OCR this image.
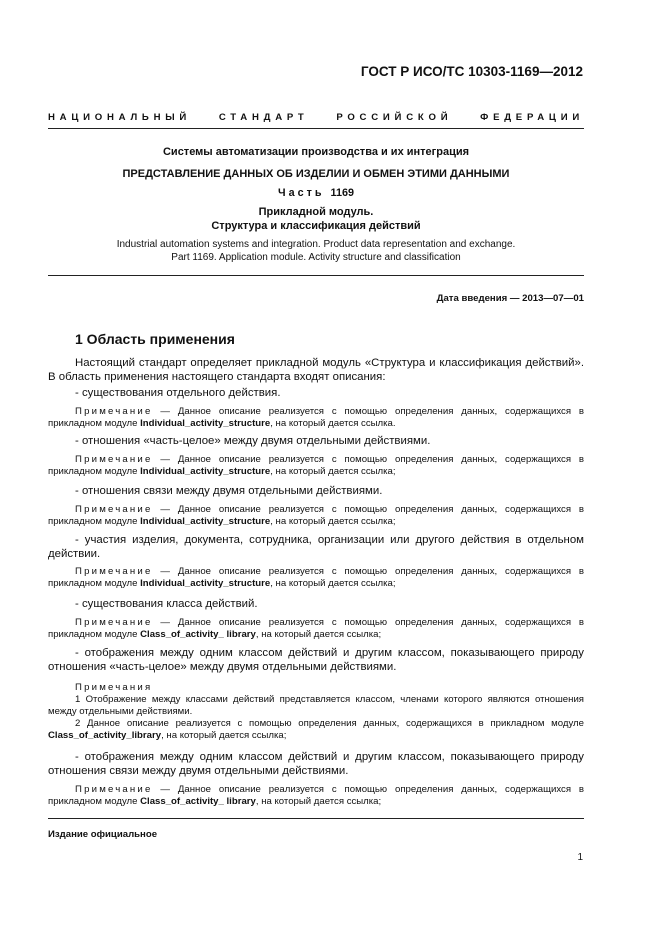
ГОСТ Р ИСО/ТС 10303-1169—2012
НАЦИОНАЛЬНЫЙ СТАНДАРТ РОССИЙСКОЙ ФЕДЕРАЦИИ
Системы автоматизации производства и их интеграция
ПРЕДСТАВЛЕНИЕ ДАННЫХ ОБ ИЗДЕЛИИ И ОБМЕН ЭТИМИ ДАННЫМИ
Часть 1169
Прикладной модуль.
Структура и классификация действий
Industrial automation systems and integration. Product data representation and exchange.
Part 1169. Application module. Activity structure and classification
Дата введения — 2013—07—01
1 Область применения
Настоящий стандарт определяет прикладной модуль «Структура и классификация действий». В область применения настоящего стандарта входят описания:
- существования отдельного действия.
Примечание — Данное описание реализуется с помощью определения данных, содержащихся в прикладном модуле Individual_activity_structure, на который дается ссылка.
- отношения «часть-целое» между двумя отдельными действиями.
Примечание — Данное описание реализуется с помощью определения данных, содержащихся в прикладном модуле Individual_activity_structure, на который дается ссылка;
- отношения связи между двумя отдельными действиями.
Примечание — Данное описание реализуется с помощью определения данных, содержащихся в прикладном модуле Individual_activity_structure, на который дается ссылка;
- участия изделия, документа, сотрудника, организации или другого действия в отдельном действии.
Примечание — Данное описание реализуется с помощью определения данных, содержащихся в прикладном модуле Individual_activity_structure, на который дается ссылка;
- существования класса действий.
Примечание — Данное описание реализуется с помощью определения данных, содержащихся в прикладном модуле Class_of_activity_ library, на который дается ссылка;
- отображения между одним классом действий и другим классом, показывающего природу отношения «часть-целое» между двумя отдельными действиями.
Примечания
1 Отображение между классами действий представляется классом, членами которого являются отношения между отдельными действиями.
2 Данное описание реализуется с помощью определения данных, содержащихся в прикладном модуле Class_of_activity_library, на который дается ссылка;
- отображения между одним классом действий и другим классом, показывающего природу отношения связи между двумя отдельными действиями.
Примечание — Данное описание реализуется с помощью определения данных, содержащихся в прикладном модуле Class_of_activity_ library, на который дается ссылка;
Издание официальное
1
